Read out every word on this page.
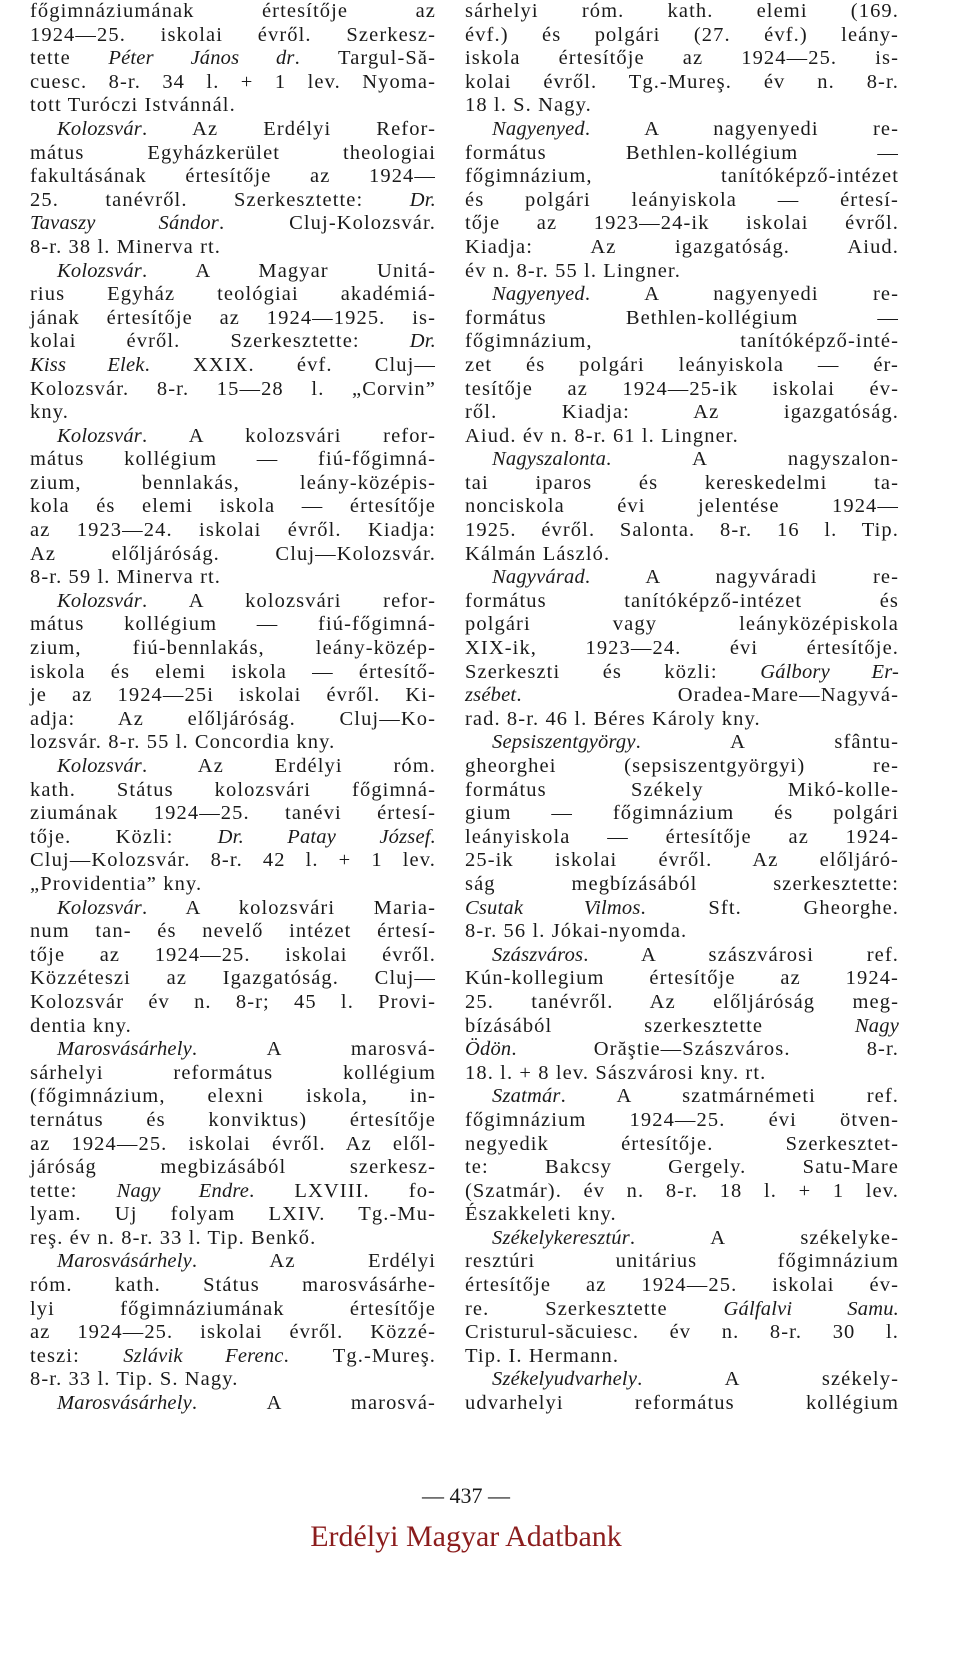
főgimnáziumának értesítője az
1924—25. iskolai évről. Szerkesz-
tette Péter János dr. Targul-Să-
cuesc. 8-r. 34 l. + 1 lev. Nyoma-
tott Turóczi Istvánnál.
Kolozsvár. Az Erdélyi Refor-
mátus Egyházkerület theologiai
fakultásának értesítője az 1924—
25. tanévről. Szerkesztette: Dr.
Tavaszy Sándor. Cluj-Kolozsvár.
8-r. 38 l. Minerva rt.
Kolozsvár. A Magyar Unitá-
rius Egyház teológiai akadémiá-
jának értesítője az 1924—1925. is-
kolai évről. Szerkesztette: Dr.
Kiss Elek. XXIX. évf. Cluj—
Kolozsvár. 8-r. 15—28 l. „Corvin”
kny.
Kolozsvár. A kolozsvári refor-
mátus kollégium — fiú-főgimná-
zium, bennlakás, leány-középis-
kola és elemi iskola — értesítője
az 1923—24. iskolai évről. Kiadja:
Az előljáróság. Cluj—Kolozsvár.
8-r. 59 l. Minerva rt.
Kolozsvár. A kolozsvári refor-
mátus kollégium — fiú-főgimná-
zium, fiú-bennlakás, leány-közép-
iskola és elemi iskola — értesítő-
je az 1924—25i iskolai évről. Ki-
adja: Az előljáróság. Cluj—Ko-
lozsvár. 8-r. 55 l. Concordia kny.
Kolozsvár. Az Erdélyi róm.
kath. Státus kolozsvári főgimná-
ziumának 1924—25. tanévi értesí-
tője. Közli: Dr. Patay József.
Cluj—Kolozsvár. 8-r. 42 l. + 1 lev.
„Providentia” kny.
Kolozsvár. A kolozsvári Maria-
num tan- és nevelő intézet értesí-
tője az 1924—25. iskolai évről.
Közzéteszi az Igazgatóság. Cluj—
Kolozsvár év n. 8-r; 45 l. Provi-
dentia kny.
Marosvásárhely. A marosvá-
sárhelyi református kollégium
(főgimnázium, elexni iskola, in-
ternátus és konviktus) értesítője
az 1924—25. iskolai évről. Az elől-
járóság megbizásából szerkesz-
tette: Nagy Endre. LXVIII. fo-
lyam. Uj folyam LXIV. Tg.-Mu-
reş. év n. 8-r. 33 l. Tip. Benkő.
Marosvásárhely. Az Erdélyi
róm. kath. Státus marosvásárhe-
lyi főgimnáziumának értesítője
az 1924—25. iskolai évről. Közzé-
teszi: Szlávik Ferenc. Tg.-Mureş.
8-r. 33 l. Tip. S. Nagy.
Marosvásárhely. A marosvá-
sárhelyi róm. kath. elemi (169.
évf.) és polgári (27. évf.) leány-
iskola értesítője az 1924—25. is-
kolai évről. Tg.-Mureş. év n. 8-r.
18 l. S. Nagy.
Nagyenyed. A nagyenyedi re-
formátus Bethlen-kollégium —
főgimnázium, tanítóképző-intézet
és polgári leányiskola — értesí-
tője az 1923—24-ik iskolai évről.
Kiadja: Az igazgatóság. Aiud.
év n. 8-r. 55 l. Lingner.
Nagyenyed. A nagyenyedi re-
formátus Bethlen-kollégium —
főgimnázium, tanítóképző-inté-
zet és polgári leányiskola — ér-
tesítője az 1924—25-ik iskolai év-
ről. Kiadja: Az igazgatóság.
Aiud. év n. 8-r. 61 l. Lingner.
Nagyszalonta. A nagyszalon-
tai iparos és kereskedelmi ta-
nonciskola évi jelentése 1924—
1925. évről. Salonta. 8-r. 16 l. Tip.
Kálmán László.
Nagyvárad. A nagyváradi re-
formátus tanítóképző-intézet és
polgári vagy leányközépiskola
XIX-ik, 1923—24. évi értesítője.
Szerkeszti és közli: Gálbory Er-
zsébet. Oradea-Mare—Nagyvá-
rad. 8-r. 46 l. Béres Károly kny.
Sepsiszentgyörgy. A sfântu-
gheorghei (sepsiszentgyörgyi) re-
formátus Székely Mikó-kolle-
gium — főgimnázium és polgári
leányiskola — értesítője az 1924-
25-ik iskolai évről. Az előljáró-
ság megbízásából szerkesztette:
Csutak Vilmos. Sft. Gheorghe.
8-r. 56 l. Jókai-nyomda.
Szászváros. A szászvárosi ref.
Kún-kollegium értesítője az 1924-
25. tanévről. Az előljáróság meg-
bízásából szerkesztette Nagy
Ödön. Orăştie—Szászváros. 8-r.
18. l. + 8 lev. Sászvárosi kny. rt.
Szatmár. A szatmárnémeti ref.
főgimnázium 1924—25. évi ötven-
negyedik értesítője. Szerkesztet-
te: Bakcsy Gergely. Satu-Mare
(Szatmár). év n. 8-r. 18 l. + 1 lev.
Északkeleti kny.
Székelykeresztúr. A székelyke-
resztúri unitárius főgimnázium
értesítője az 1924—25. iskolai év-
re. Szerkesztette Gálfalvi Samu.
Cristurul-săcuiesc. év n. 8-r. 30 l.
Tip. I. Hermann.
Székelyudvarhely. A székely-
udvarhelyi református kollégium
— 437 —
Erdélyi Magyar Adatbank
